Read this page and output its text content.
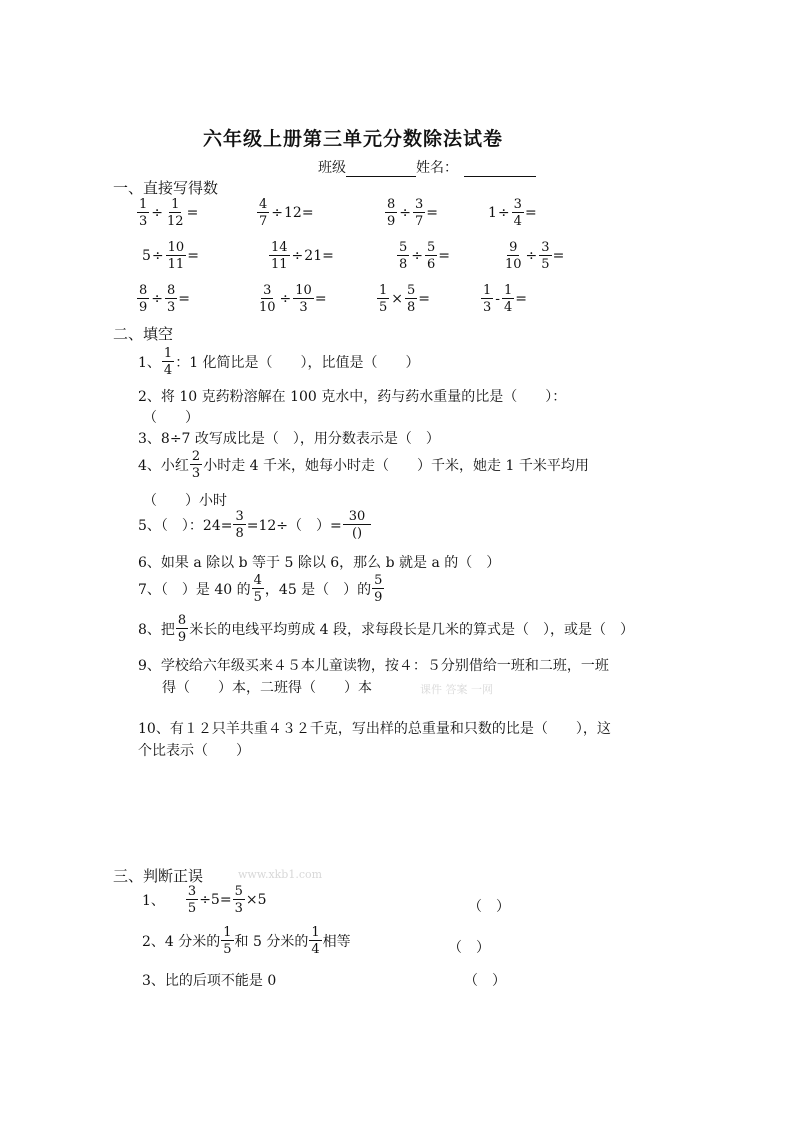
六年级上册第三单元分数除法试卷
班级	姓名：
一、直接写得数
$\frac{1}{3} \div \frac{1}{12}$ =	$\frac{4}{7} \div 12$ =	$\frac{8}{9} \div \frac{3}{7}$ =	$1 \div \frac{3}{4}$ =
$5 \div \frac{10}{11}$ =	$\frac{14}{11} \div 21$ =	$\frac{5}{8} \div \frac{5}{6}$ =	$\frac{9}{10} \div \frac{3}{5}$ =
$\frac{8}{9} \div \frac{8}{3}$ =	$\frac{3}{10} \div \frac{10}{3}$ =	$\frac{1}{5} \times \frac{5}{8}$ =	$\frac{1}{3} - \frac{1}{4}$ =
二、填空
1、 $\frac{1}{4}$ ：1 化简比是（　　），比值是（　　）
2、将 10 克药粉溶解在 100 克水中，药与药水重量的比是（　　）：
（　　）
3、8÷7 改写成比是（　），用分数表示是（　）
4、小红 $\frac{2}{3}$ 小时走 4 千米，她每小时走（　　）千米，她走 1 千米平均用
（　　）小时
5、（　）：$24= \frac{3}{8} =12\div$（　）= $\frac{30}{()}$
6、如果 a 除以 b 等于 5 除以 6，那么 b 就是 a 的（　）
7、（　）是 40 的 $\frac{4}{5}$ ，45 是（　）的 $\frac{5}{9}$
8、把 $\frac{8}{9}$ 米长的电线平均剪成 4 段，求每段长是几米的算式是（　），或是（　）
9、学校给六年级买来４５本儿童读物，按４：５分别借给一班和二班，一班
得（　　）本，二班得（　　）本	课件 答案 一网
10、有１２只羊共重４３２千克，写出样的总重量和只数的比是（　　），这
个比表示（　　）
三、判断正误	www.xkb1.com
1、 $\frac{3}{5} \div 5= \frac{5}{3} \times 5$	（　）
2、4 分米的 $\frac{1}{5}$ 和 5 分米的 $\frac{1}{4}$ 相等	（　）
3、比的后项不能是 0	（　）
